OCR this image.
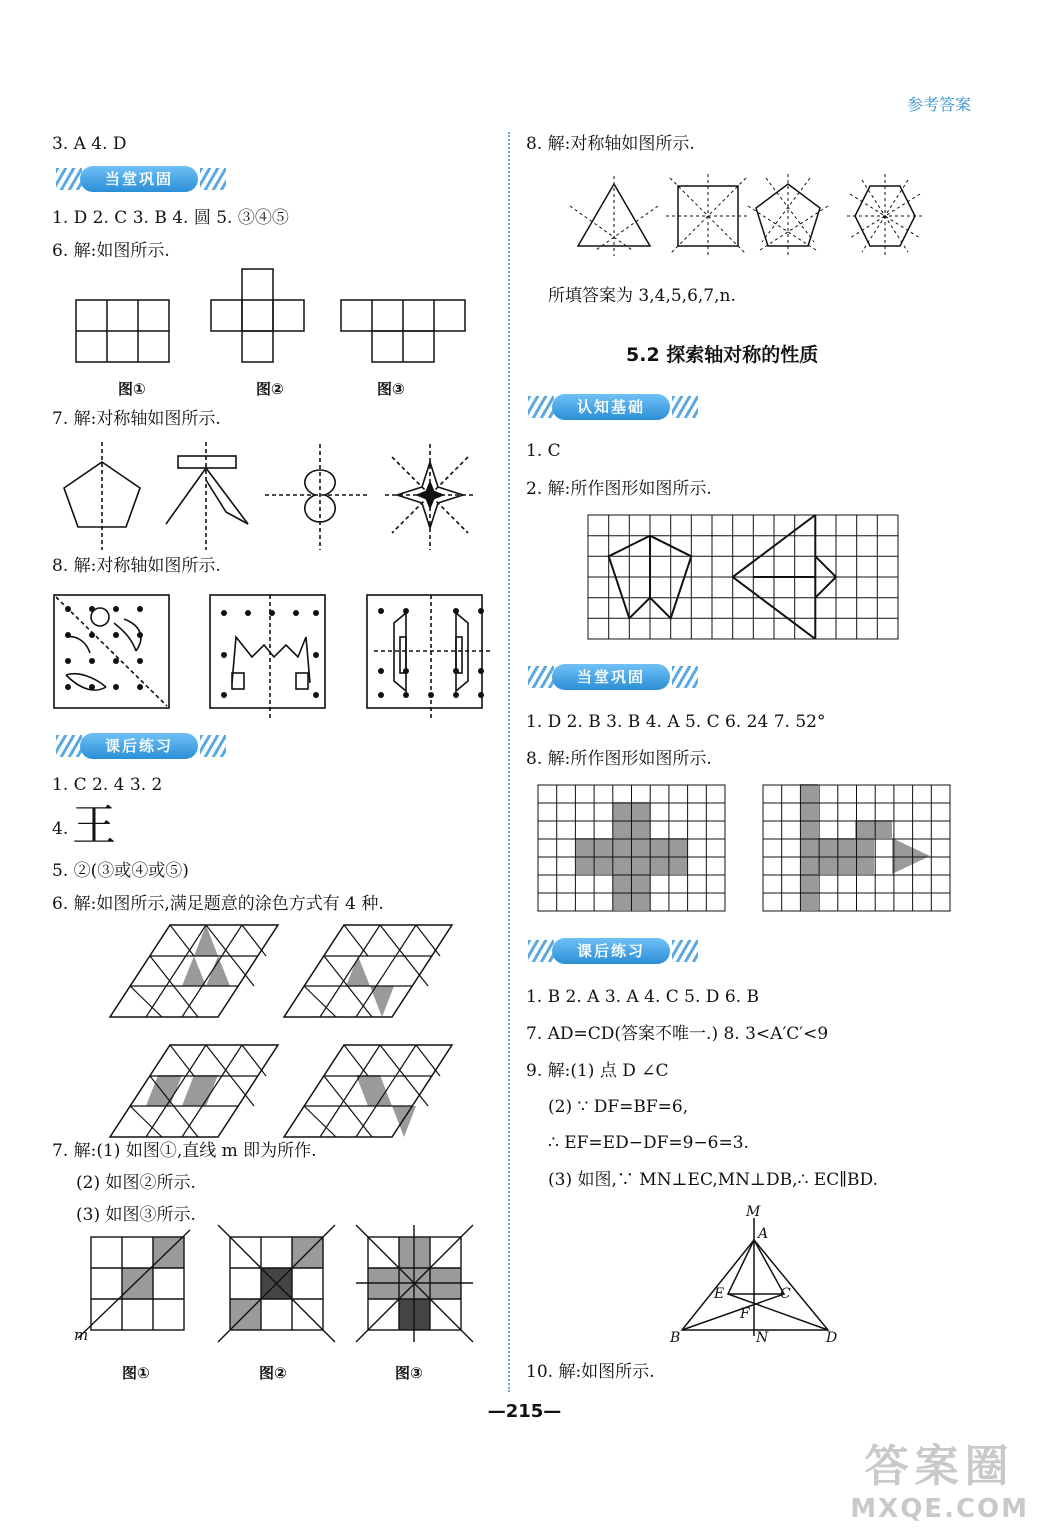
参考答案
3. A 4. D
当堂巩固
1. D 2. C 3. B 4. 圆 5. ③④⑤
6. 解:如图所示.
图①	图②	图③
7. 解:对称轴如图所示.
8. 解:对称轴如图所示.
课后练习
1. C 2. 4 3. 2
4. 王
5. ②(③或④或⑤)
6. 解:如图所示,满足题意的涂色方式有 4 种.
7. 解:(1) 如图①,直线 m 即为所作.
(2) 如图②所示.
(3) 如图③所示.
m
图①	图②	图③
8. 解:对称轴如图所示.
所填答案为 3,4,5,6,7,n.
5.2 探索轴对称的性质
认知基础
1. C
2. 解:所作图形如图所示.
当堂巩固
1. D 2. B 3. B 4. A 5. C 6. 24 7. 52°
8. 解:所作图形如图所示.
课后练习
1. B 2. A 3. A 4. C 5. D 6. B
7. AD=CD(答案不唯一.) 8. 3<A′C′<9
9. 解:(1) 点 D ∠C
(2) ∵ DF=BF=6,
∴ EF=ED−DF=9−6=3.
(3) 如图,∵ MN⊥EC,MN⊥DB,∴ EC∥BD.
M
A
E	C
F
B	N	D
10. 解:如图所示.
—215—
答案圈
MXQE.COM
